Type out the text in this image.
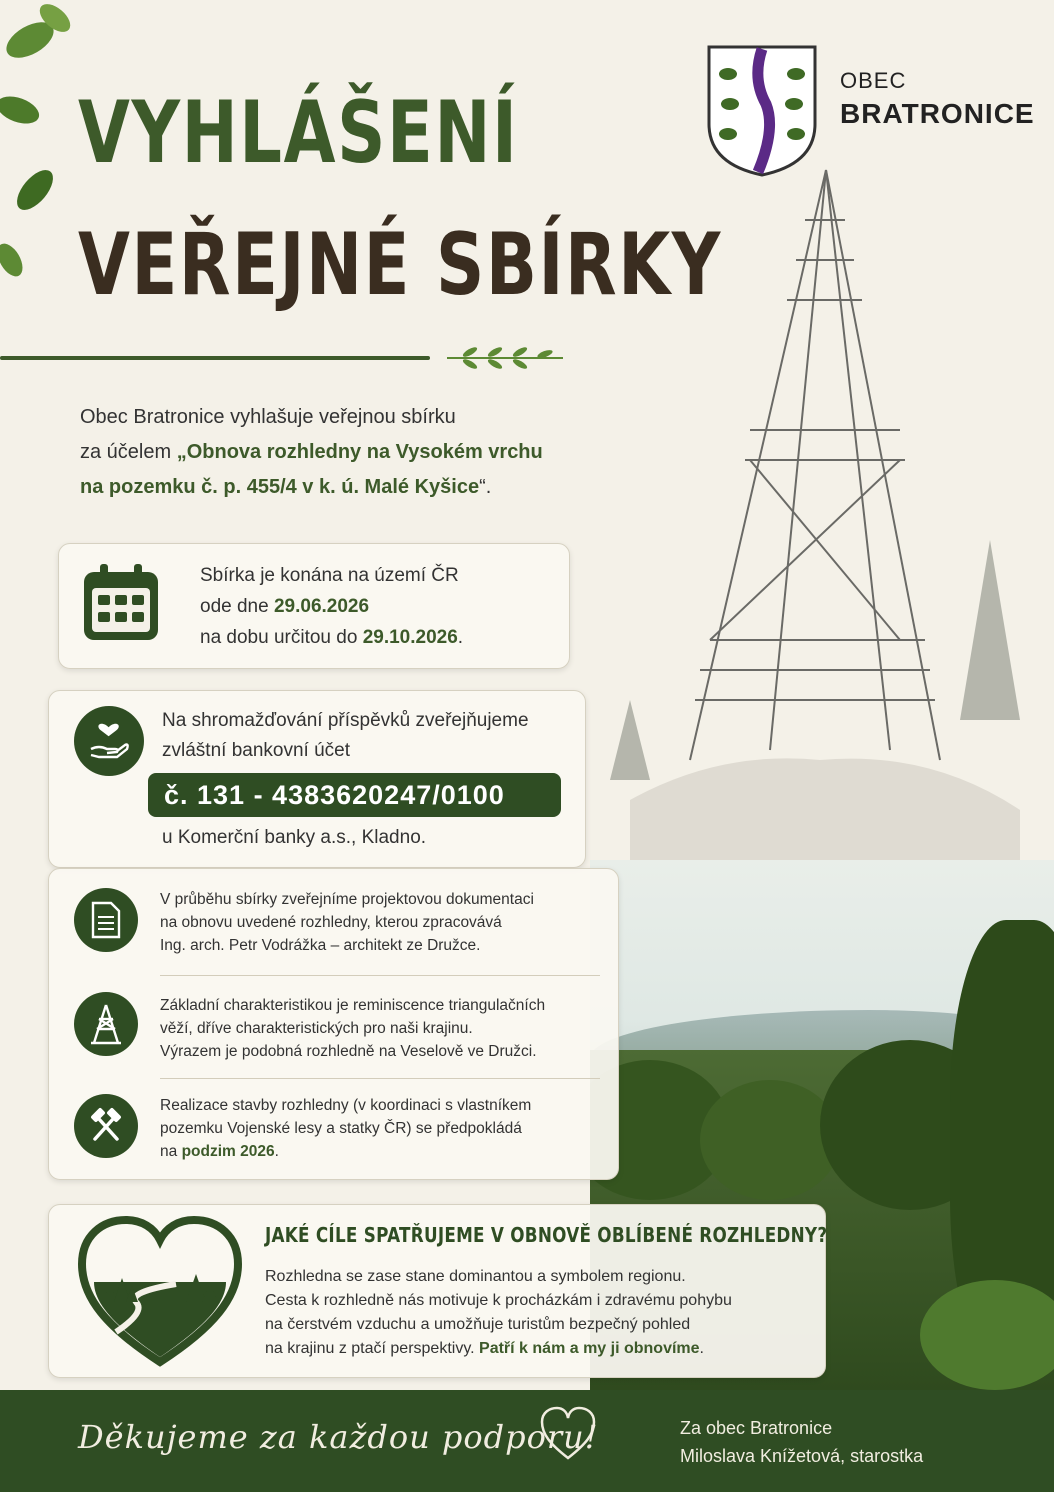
OBEC
BRATRONICE
VYHLÁŠENÍ
VEŘEJNÉ SBÍRKY
Obec Bratronice vyhlašuje veřejnou sbírku
za účelem „Obnova rozhledny na Vysokém vrchu
na pozemku č. p. 455/4 v k. ú. Malé Kyšice“.
Sbírka je konána na území ČR
ode dne 29.06.2026
na dobu určitou do 29.10.2026.
Na shromažďování příspěvků zveřejňujeme
zvláštní bankovní účet
č. 131 - 4383620247/0100
u Komerční banky a.s., Kladno.
V průběhu sbírky zveřejníme projektovou dokumentaci
na obnovu uvedené rozhledny, kterou zpracovává
Ing. arch. Petr Vodrážka – architekt ze Družce.
Základní charakteristikou je reminiscence triangulačních
věží, dříve charakteristických pro naši krajinu.
Výrazem je podobná rozhledně na Veselově ve Družci.
Realizace stavby rozhledny (v koordinaci s vlastníkem
pozemku Vojenské lesy a statky ČR) se předpokládá
na podzim 2026.
JAKÉ CÍLE SPATŘUJEME V OBNOVĚ OBLÍBENÉ ROZHLEDNY?
Rozhledna se zase stane dominantou a symbolem regionu.
Cesta k rozhledně nás motivuje k procházkám i zdravému pohybu
na čerstvém vzduchu a umožňuje turistům bezpečný pohled
na krajinu z ptačí perspektivy. Patří k nám a my ji obnovíme.
Děkujeme za každou podporu!	Za obec Bratronice
Miloslava Knížetová, starostka
